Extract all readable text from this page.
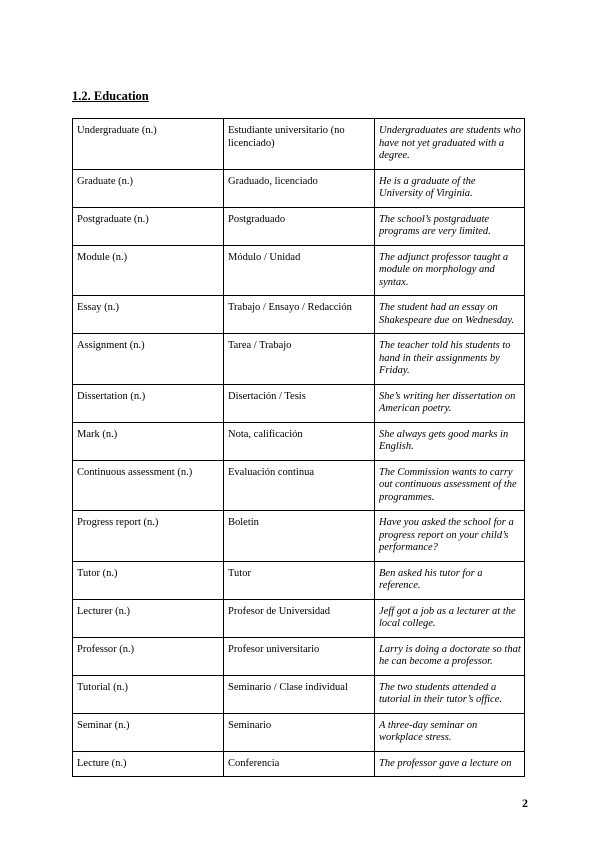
1.2. Education
Undergraduate (n.)	Estudiante universitario (no licenciado)	Undergraduates are students who have not yet graduated with a degree.
Graduate (n.)	Graduado, licenciado	He is a graduate of the University of Virginia.
Postgraduate (n.)	Postgraduado	The school’s postgraduate programs are very limited.
Module (n.)	Módulo / Unidad	The adjunct professor taught a module on morphology and syntax.
Essay (n.)	Trabajo / Ensayo / Redacción	The student had an essay on Shakespeare due on Wednesday.
Assignment (n.)	Tarea / Trabajo	The teacher told his students to hand in their assignments by Friday.
Dissertation (n.)	Disertación / Tesis	She’s writing her dissertation on American poetry.
Mark (n.)	Nota, calificación	She always gets good marks in English.
Continuous assessment (n.)	Evaluación continua	The Commission wants to carry out continuous assessment of the programmes.
Progress report (n.)	Boletín	Have you asked the school for a progress report on your child’s performance?
Tutor (n.)	Tutor	Ben asked his tutor for a reference.
Lecturer (n.)	Profesor de Universidad	Jeff got a job as a lecturer at the local college.
Professor (n.)	Profesor universitario	Larry is doing a doctorate so that he can become a professor.
Tutorial (n.)	Seminario / Clase individual	The two students attended a tutorial in their tutor’s office.
Seminar (n.)	Seminario	A three-day seminar on workplace stress.
Lecture (n.)	Conferencia	The professor gave a lecture on
2
